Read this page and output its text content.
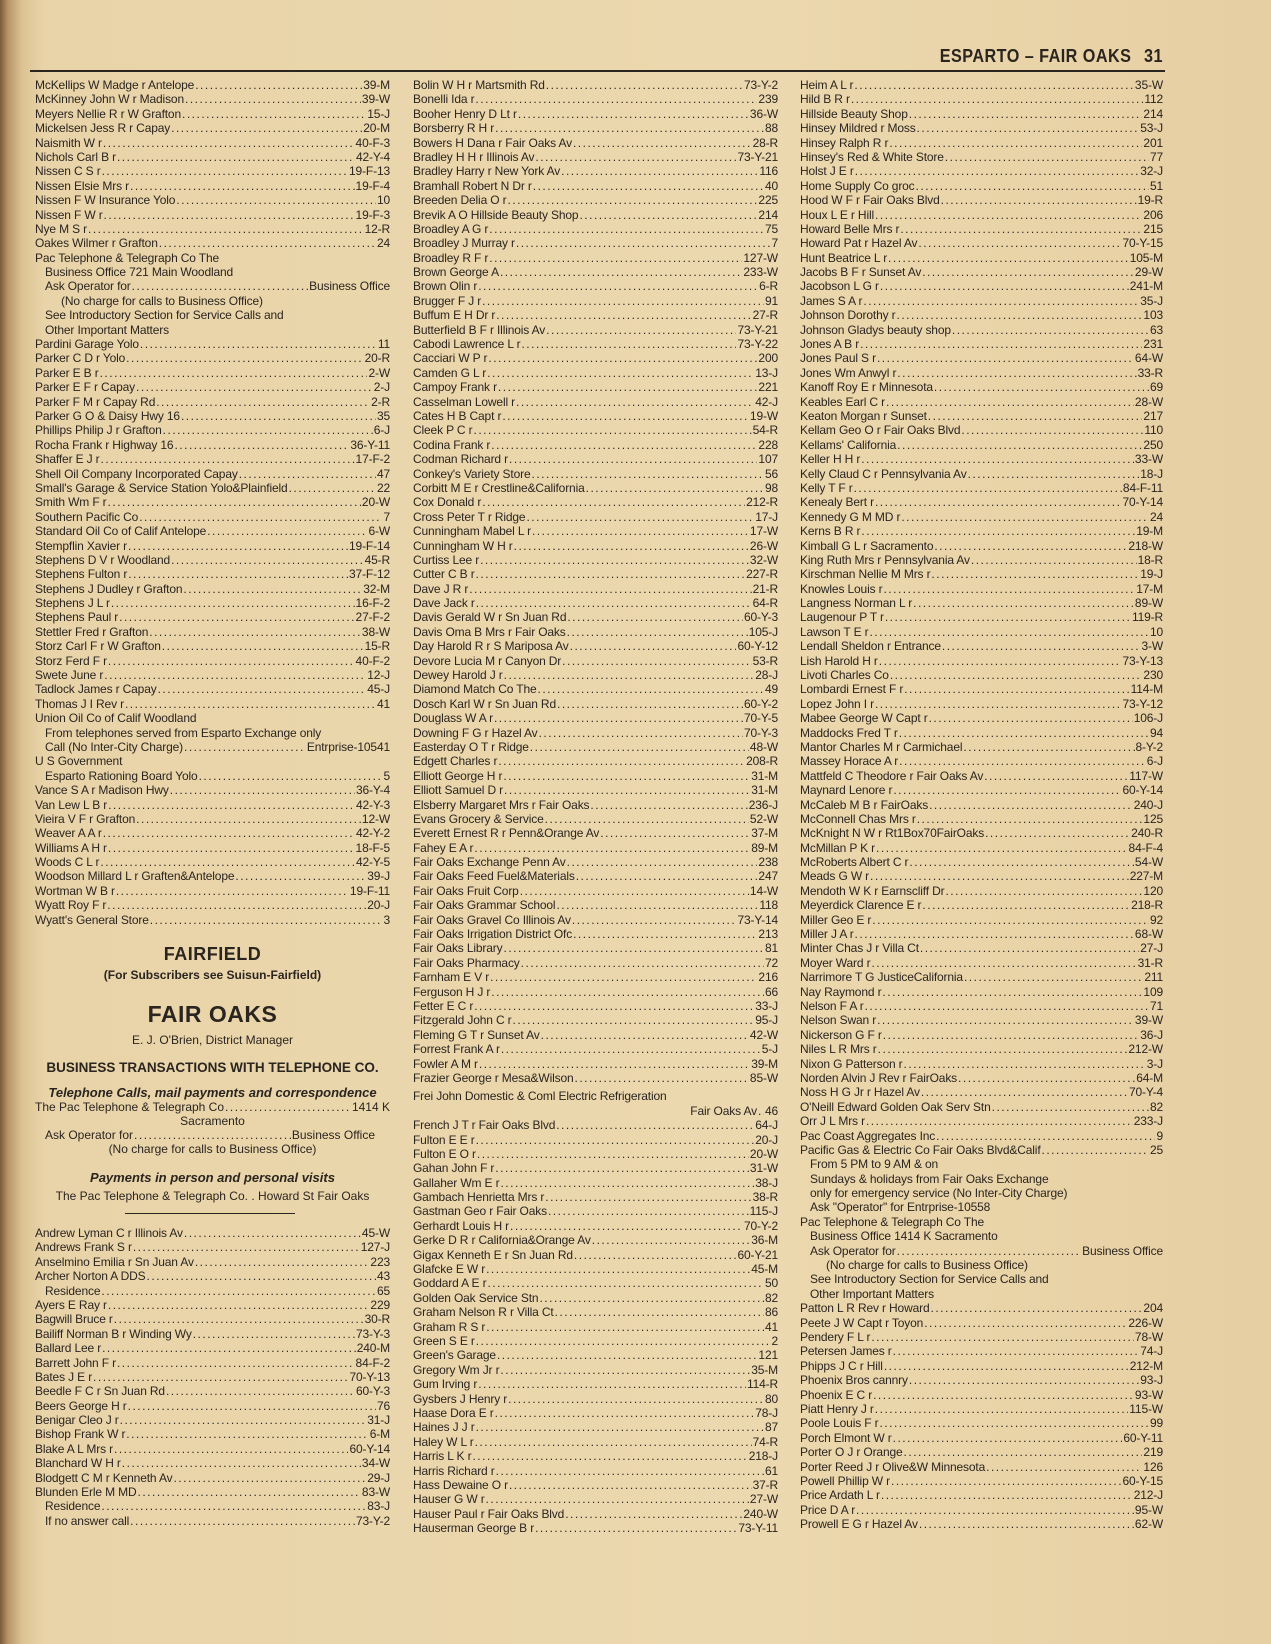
ESPARTO – FAIR OAKS 31
McKellips W Madge r Antelope .....	39-M
McKinney John W r Madison .....	39-W
Meyers Nellie R r W Grafton .....	15-J
Mickelsen Jess R r Capay .....	20-M
Naismith W r .....	40-F-3
Nichols Carl B r .....	42-Y-4
Nissen C S r .....	19-F-13
Nissen Elsie Mrs r .....	19-F-4
Nissen F W Insurance Yolo .....	10
Nissen F W r .....	19-F-3
Nye M S r .....	12-R
Oakes Wilmer r Grafton .....	24
Pac Telephone & Telegraph Co The
Business Office 721 Main Woodland
Ask Operator for .....	Business Office
(No charge for calls to Business Office)
See Introductory Section for Service Calls and
Other Important Matters
Pardini Garage Yolo .....	11
Parker C D r Yolo .....	20-R
Parker E B r .....	2-W
Parker E F r Capay .....	2-J
Parker F M r Capay Rd .....	2-R
Parker G O & Daisy Hwy 16 .....	35
Phillips Philip J r Grafton .....	6-J
Rocha Frank r Highway 16 .....	36-Y-11
Shaffer E J r .....	17-F-2
Shell Oil Company Incorporated Capay .....	47
Small's Garage & Service Station Yolo&Plainfield .....	22
Smith Wm F r .....	20-W
Southern Pacific Co .....	7
Standard Oil Co of Calif Antelope .....	6-W
Stempflin Xavier r .....	19-F-14
Stephens D V r Woodland .....	45-R
Stephens Fulton r .....	37-F-12
Stephens J Dudley r Grafton .....	32-M
Stephens J L r .....	16-F-2
Stephens Paul r .....	27-F-2
Stettler Fred r Grafton .....	38-W
Storz Carl F r W Grafton .....	15-R
Storz Ferd F r .....	40-F-2
Swete June r .....	12-J
Tadlock James r Capay .....	45-J
Thomas J I Rev r .....	41
Union Oil Co of Calif Woodland
From telephones served from Esparto Exchange only
Call (No Inter-City Charge) .....	Entrprise-10541
U S Government
Esparto Rationing Board Yolo .....	5
Vance S A r Madison Hwy .....	36-Y-4
Van Lew L B r .....	42-Y-3
Vieira V F r Grafton .....	12-W
Weaver A A r .....	42-Y-2
Williams A H r .....	18-F-5
Woods C L r .....	42-Y-5
Woodson Millard L r Graften&Antelope .....	39-J
Wortman W B r .....	19-F-11
Wyatt Roy F r .....	20-J
Wyatt's General Store .....	3
Andrew Lyman C r Illinois Av .....	45-W
Andrews Frank S r .....	127-J
Anselmino Emilia r Sn Juan Av .....	223
Archer Norton A DDS .....	43
Residence .....	65
Ayers E Ray r .....	229
Bagwill Bruce r .....	30-R
Bailiff Norman B r Winding Wy .....	73-Y-3
Ballard Lee r .....	240-M
Barrett John F r .....	84-F-2
Bates J E r .....	70-Y-13
Beedle F C r Sn Juan Rd .....	60-Y-3
Beers George H r .....	76
Benigar Cleo J r .....	31-J
Bishop Frank W r .....	6-M
Blake A L Mrs r .....	60-Y-14
Blanchard W H r .....	34-W
Blodgett C M r Kenneth Av .....	29-J
Blunden Erle M MD .....	83-W
Residence .....	83-J
If no answer call .....	73-Y-2
Bolin W H r Martsmith Rd .....	73-Y-2
Bonelli Ida r .....	239
Booher Henry D Lt r .....	36-W
Borsberry R H r .....	88
Bowers H Dana r Fair Oaks Av .....	28-R
Bradley H H r Illinois Av .....	73-Y-21
Bradley Harry r New York Av .....	116
Bramhall Robert N Dr r .....	40
Breeden Delia O r .....	225
Brevik A O Hillside Beauty Shop .....	214
Broadley A G r .....	75
Broadley J Murray r .....	7
Broadley R F r .....	127-W
Brown George A .....	233-W
Brown Olin r .....	6-R
Brugger F J r .....	91
Buffum E H Dr r .....	27-R
Butterfield B F r Illinois Av .....	73-Y-21
Cabodi Lawrence L r .....	73-Y-22
Cacciari W P r .....	200
Camden G L r .....	13-J
Campoy Frank r .....	221
Casselman Lowell r .....	42-J
Cates H B Capt r .....	19-W
Cleek P C r .....	54-R
Codina Frank r .....	228
Codman Richard r .....	107
Conkey's Variety Store .....	56
Corbitt M E r Crestline&California .....	98
Cox Donald r .....	212-R
Cross Peter T r Ridge .....	17-J
Cunningham Mabel L r .....	17-W
Cunningham W H r .....	26-W
Curtiss Lee r .....	32-W
Cutter C B r .....	227-R
Dave J R r .....	21-R
Dave Jack r .....	64-R
Davis Gerald W r Sn Juan Rd .....	60-Y-3
Davis Oma B Mrs r Fair Oaks .....	105-J
Day Harold R r S Mariposa Av .....	60-Y-12
Devore Lucia M r Canyon Dr .....	53-R
Dewey Harold J r .....	28-J
Diamond Match Co The .....	49
Dosch Karl W r Sn Juan Rd .....	60-Y-2
Douglass W A r .....	70-Y-5
Downing F G r Hazel Av .....	70-Y-3
Easterday O T r Ridge .....	48-W
Edgett Charles r .....	208-R
Elliott George H r .....	31-M
Elliott Samuel D r .....	31-M
Elsberry Margaret Mrs r Fair Oaks .....	236-J
Evans Grocery & Service .....	52-W
Everett Ernest R r Penn&Orange Av .....	37-M
Fahey E A r .....	89-M
Fair Oaks Exchange Penn Av .....	238
Fair Oaks Feed Fuel&Materials .....	247
Fair Oaks Fruit Corp .....	14-W
Fair Oaks Grammar School .....	118
Fair Oaks Gravel Co Illinois Av .....	73-Y-14
Fair Oaks Irrigation District Ofc .....	213
Fair Oaks Library .....	81
Fair Oaks Pharmacy .....	72
Farnham E V r .....	216
Ferguson H J r .....	66
Fetter E C r .....	33-J
Fitzgerald John C r .....	95-J
Fleming G T r Sunset Av .....	42-W
Forrest Frank A r .....	5-J
Fowler A M r .....	39-M
Frazier George r Mesa&Wilson .....	85-W
Frei John Domestic & Coml Electric Refrigeration
Fair Oaks Av ..... 46
French J T r Fair Oaks Blvd .....	64-J
Fulton E E r .....	20-J
Fulton E O r .....	20-W
Gahan John F r .....	31-W
Gallaher Wm E r .....	38-J
Gambach Henrietta Mrs r .....	38-R
Gastman Geo r Fair Oaks .....	115-J
Gerhardt Louis H r .....	70-Y-2
Gerke D R r California&Orange Av .....	36-M
Gigax Kenneth E r Sn Juan Rd .....	60-Y-21
Glafcke E W r .....	45-M
Goddard A E r .....	50
Golden Oak Service Stn .....	82
Graham Nelson R r Villa Ct .....	86
Graham R S r .....	41
Green S E r .....	2
Green's Garage .....	121
Gregory Wm Jr r .....	35-M
Gum Irving r .....	114-R
Gysbers J Henry r .....	80
Haase Dora E r .....	78-J
Haines J J r .....	87
Haley W L r .....	74-R
Harris L K r .....	218-J
Harris Richard r .....	61
Hass Dewaine O r .....	37-R
Hauser G W r .....	27-W
Hauser Paul r Fair Oaks Blvd .....	240-W
Hauserman George B r .....	73-Y-11
Heim A L r .....	35-W
Hild B R r .....	112
Hillside Beauty Shop .....	214
Hinsey Mildred r Moss .....	53-J
Hinsey Ralph R r .....	201
Hinsey's Red & White Store .....	77
Holst J E r .....	32-J
Home Supply Co groc .....	51
Hood W F r Fair Oaks Blvd .....	19-R
Houx L E r Hill .....	206
Howard Belle Mrs r .....	215
Howard Pat r Hazel Av .....	70-Y-15
Hunt Beatrice L r .....	105-M
Jacobs B F r Sunset Av .....	29-W
Jacobson L G r .....	241-M
James S A r .....	35-J
Johnson Dorothy r .....	103
Johnson Gladys beauty shop .....	63
Jones A B r .....	231
Jones Paul S r .....	64-W
Jones Wm Anwyl r .....	33-R
Kanoff Roy E r Minnesota .....	69
Keables Earl C r .....	28-W
Keaton Morgan r Sunset .....	217
Kellam Geo O r Fair Oaks Blvd .....	110
Kellams' California .....	250
Keller H H r .....	33-W
Kelly Claud C r Pennsylvania Av .....	18-J
Kelly T F r .....	84-F-11
Kenealy Bert r .....	70-Y-14
Kennedy G M MD r .....	24
Kerns B R r .....	19-M
Kimball G L r Sacramento .....	218-W
King Ruth Mrs r Pennsylvania Av .....	18-R
Kirschman Nellie M Mrs r .....	19-J
Knowles Louis r .....	17-M
Langness Norman L r .....	89-W
Laugenour P T r .....	119-R
Lawson T E r .....	10
Lendall Sheldon r Entrance .....	3-W
Lish Harold H r .....	73-Y-13
Livoti Charles Co .....	230
Lombardi Ernest F r .....	114-M
Lopez John I r .....	73-Y-12
Mabee George W Capt r .....	106-J
Maddocks Fred T r .....	94
Mantor Charles M r Carmichael .....	8-Y-2
Massey Horace A r .....	6-J
Mattfeld C Theodore r Fair Oaks Av .....	117-W
Maynard Lenore r .....	60-Y-14
McCaleb M B r FairOaks .....	240-J
McConnell Chas Mrs r .....	125
McKnight N W r Rt1Box70FairOaks .....	240-R
McMillan P K r .....	84-F-4
McRoberts Albert C r .....	54-W
Meads G W r .....	227-M
Mendoth W K r Earnscliff Dr .....	120
Meyerdick Clarence E r .....	218-R
Miller Geo E r .....	92
Miller J A r .....	68-W
Minter Chas J r Villa Ct .....	27-J
Moyer Ward r .....	31-R
Narrimore T G JusticeCalifornia .....	211
Nay Raymond r .....	109
Nelson F A r .....	71
Nelson Swan r .....	39-W
Nickerson G F r .....	36-J
Niles L R Mrs r .....	212-W
Nixon G Patterson r .....	3-J
Norden Alvin J Rev r FairOaks .....	64-M
Noss H G Jr r Hazel Av .....	70-Y-4
O'Neill Edward Golden Oak Serv Stn .....	82
Orr J L Mrs r .....	233-J
Pac Coast Aggregates Inc .....	9
Pacific Gas & Electric Co Fair Oaks Blvd&Calif .....	25
From 5 PM to 9 AM & on
Sundays & holidays from Fair Oaks Exchange
only for emergency service (No Inter-City Charge)
Ask "Operator" for Entrprise-10558
Pac Telephone & Telegraph Co The
Business Office 1414 K Sacramento
Ask Operator for .....	Business Office
(No charge for calls to Business Office)
See Introductory Section for Service Calls and
Other Important Matters
Patton L R Rev r Howard .....	204
Peete J W Capt r Toyon .....	226-W
Pendery F L r .....	78-W
Petersen James r .....	74-J
Phipps J C r Hill .....	212-M
Phoenix Bros cannry .....	93-J
Phoenix E C r .....	93-W
Piatt Henry J r .....	115-W
Poole Louis F r .....	99
Porch Elmont W r .....	60-Y-11
Porter O J r Orange .....	219
Porter Reed J r Olive&W Minnesota .....	126
Powell Phillip W r .....	60-Y-15
Price Ardath L r .....	212-J
Price D A r .....	95-W
Prowell E G r Hazel Av .....	62-W
FAIRFIELD
(For Subscribers see Suisun-Fairfield)
FAIR OAKS
E. J. O'Brien, District Manager
BUSINESS TRANSACTIONS WITH TELEPHONE CO.
Telephone Calls, mail payments and correspondence
The Pac Telephone & Telegraph Co .....	1414 K
Sacramento
Ask Operator for .....	Business Office
(No charge for calls to Business Office)
Payments in person and personal visits
The Pac Telephone & Telegraph Co. . Howard St Fair Oaks
